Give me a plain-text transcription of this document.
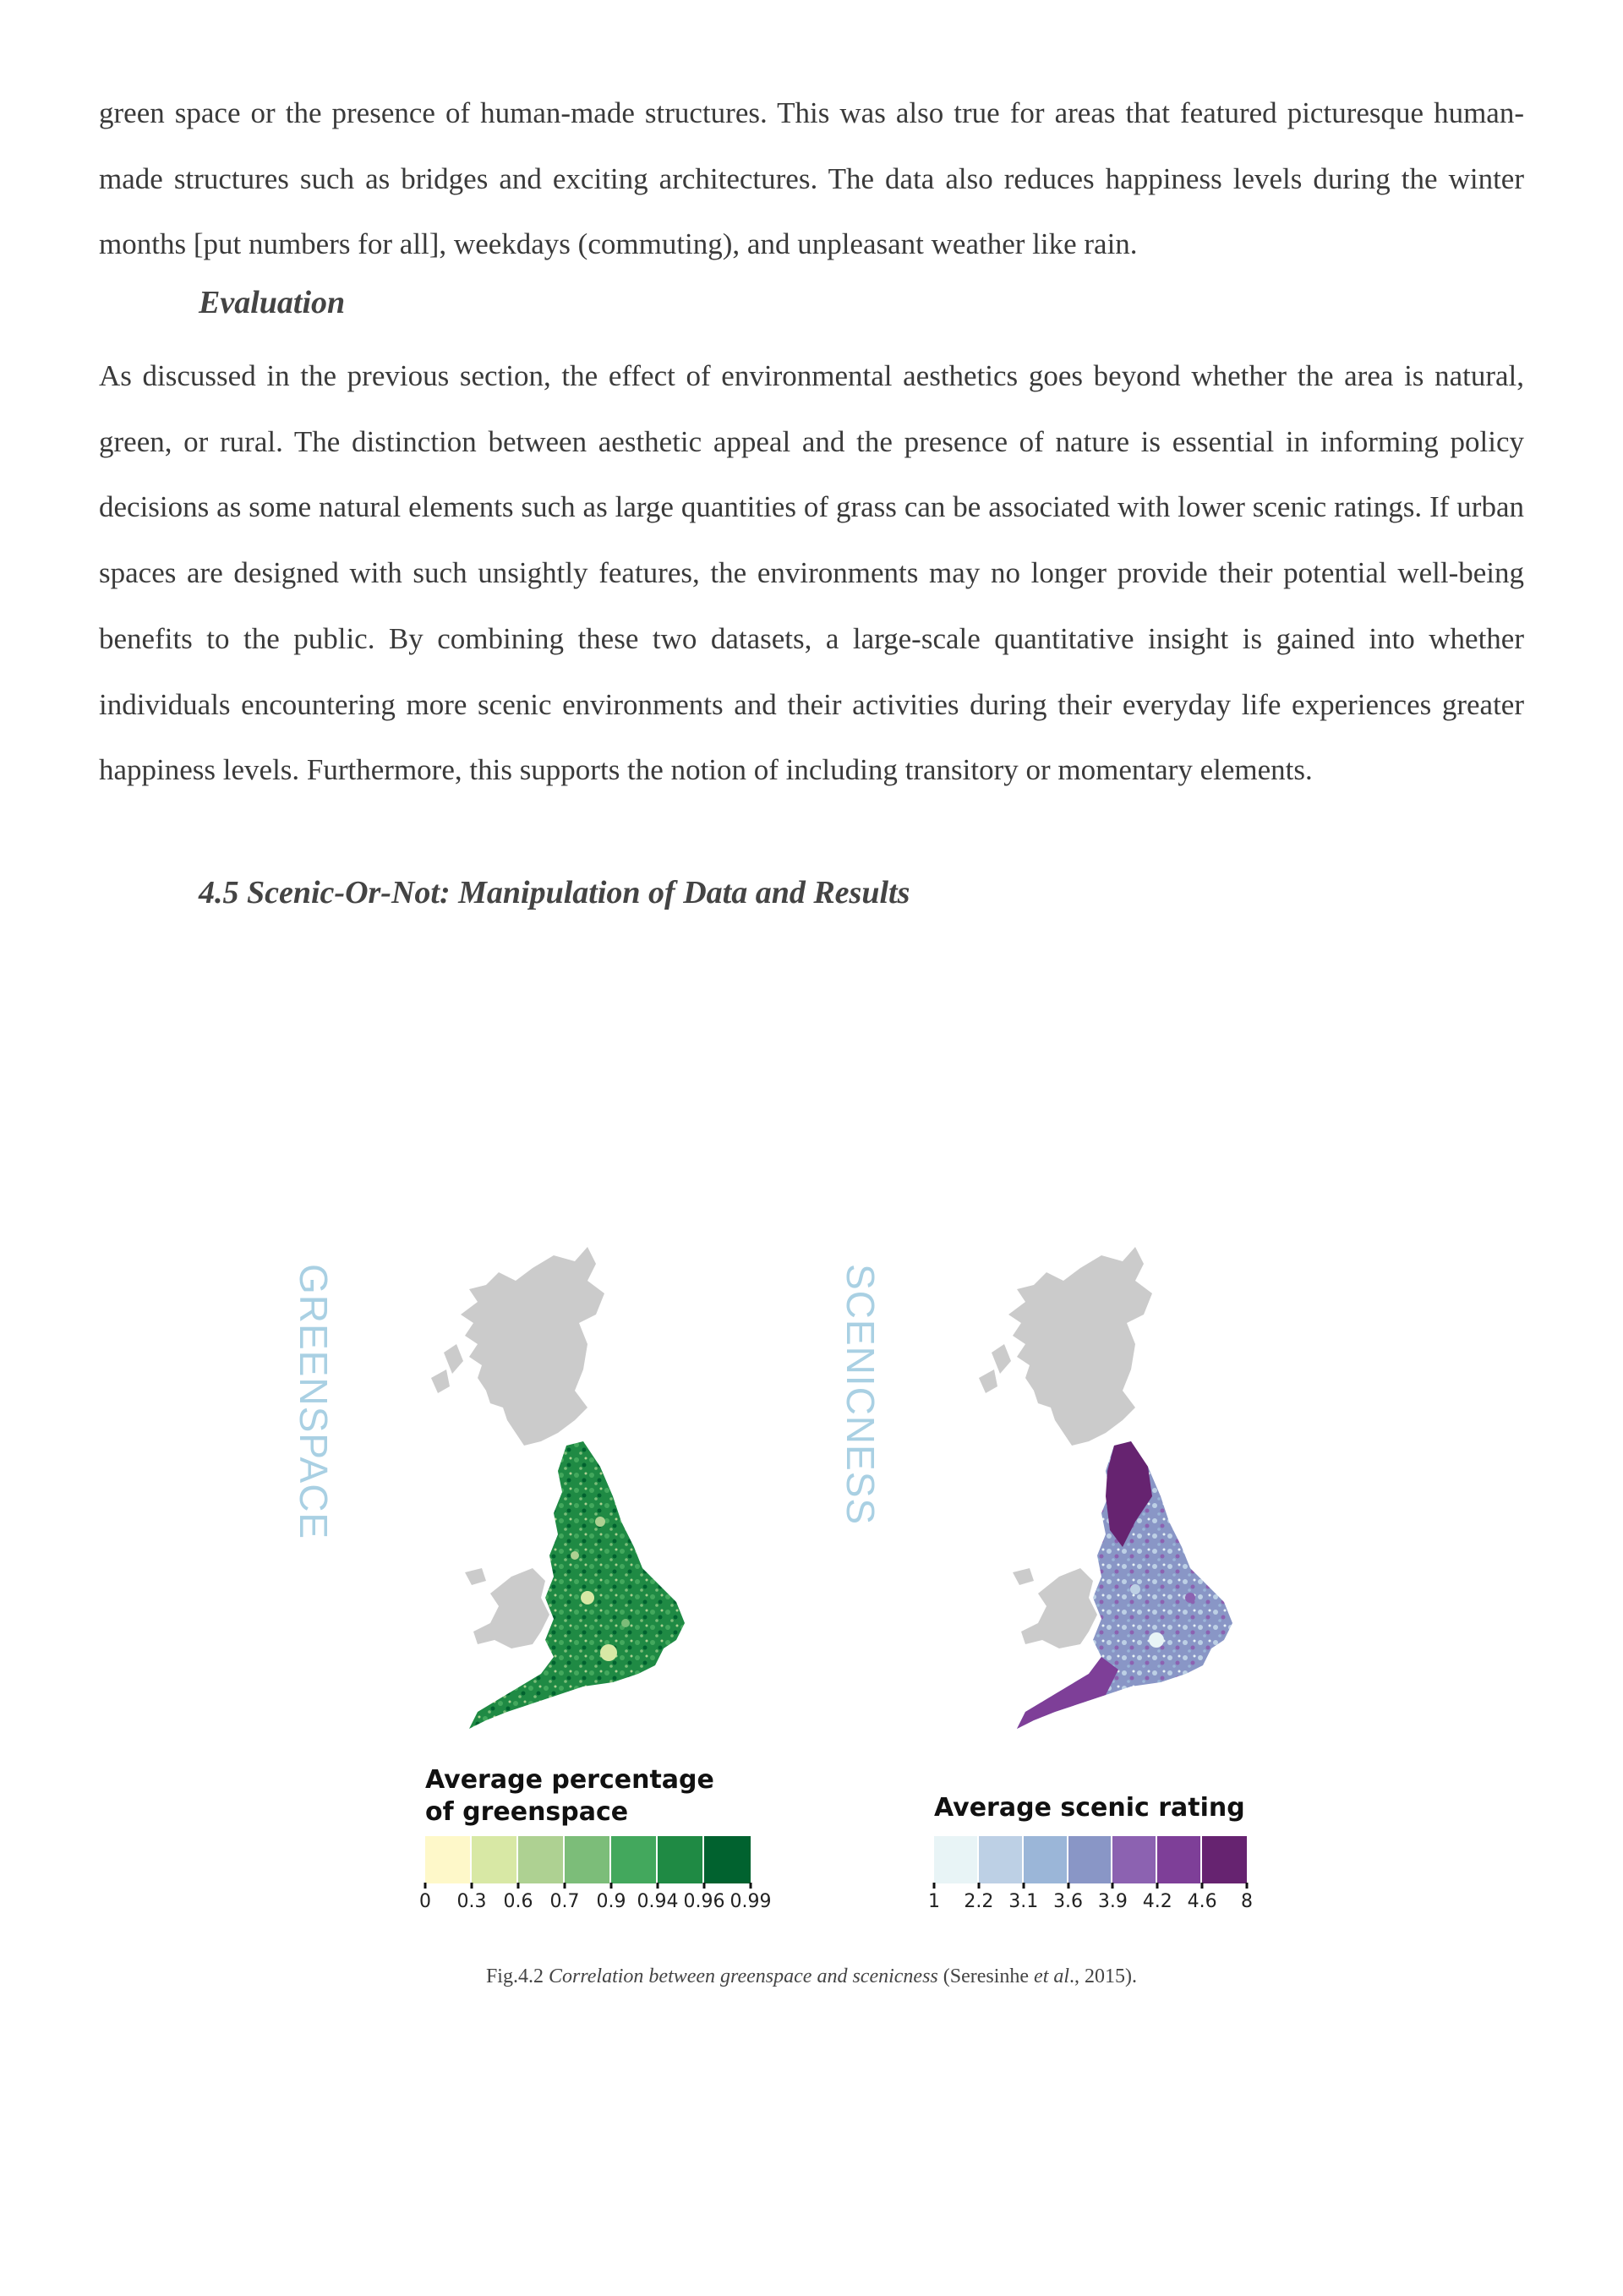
green space or the presence of human-made structures. This was also true for areas that featured picturesque human-made structures such as bridges and exciting architectures. The data also reduces happiness levels during the winter months [put numbers for all], weekdays (commuting), and unpleasant weather like rain.

Evaluation

As discussed in the previous section, the effect of environmental aesthetics goes beyond whether the area is natural, green, or rural. The distinction between aesthetic appeal and the presence of nature is essential in informing policy decisions as some natural elements such as large quantities of grass can be associated with lower scenic ratings. If urban spaces are designed with such unsightly features, the environments may no longer provide their potential well-being benefits to the public. By combining these two datasets, a large-scale quantitative insight is gained into whether individuals encountering more scenic environments and their activities during their everyday life experiences greater happiness levels. Furthermore, this supports the notion of including transitory or momentary elements.

4.5 Scenic-Or-Not: Manipulation of Data and Results
GREENSPACE	SCENICNESS
Average percentage
of greenspace
0 0.3 0.6 0.7 0.9 0.94 0.96 0.99
Average scenic rating
1 2.2 3.1 3.6 3.9 4.2 4.6 8
Fig.4.2 Correlation between greenspace and scenicness (Seresinhe et al., 2015).
